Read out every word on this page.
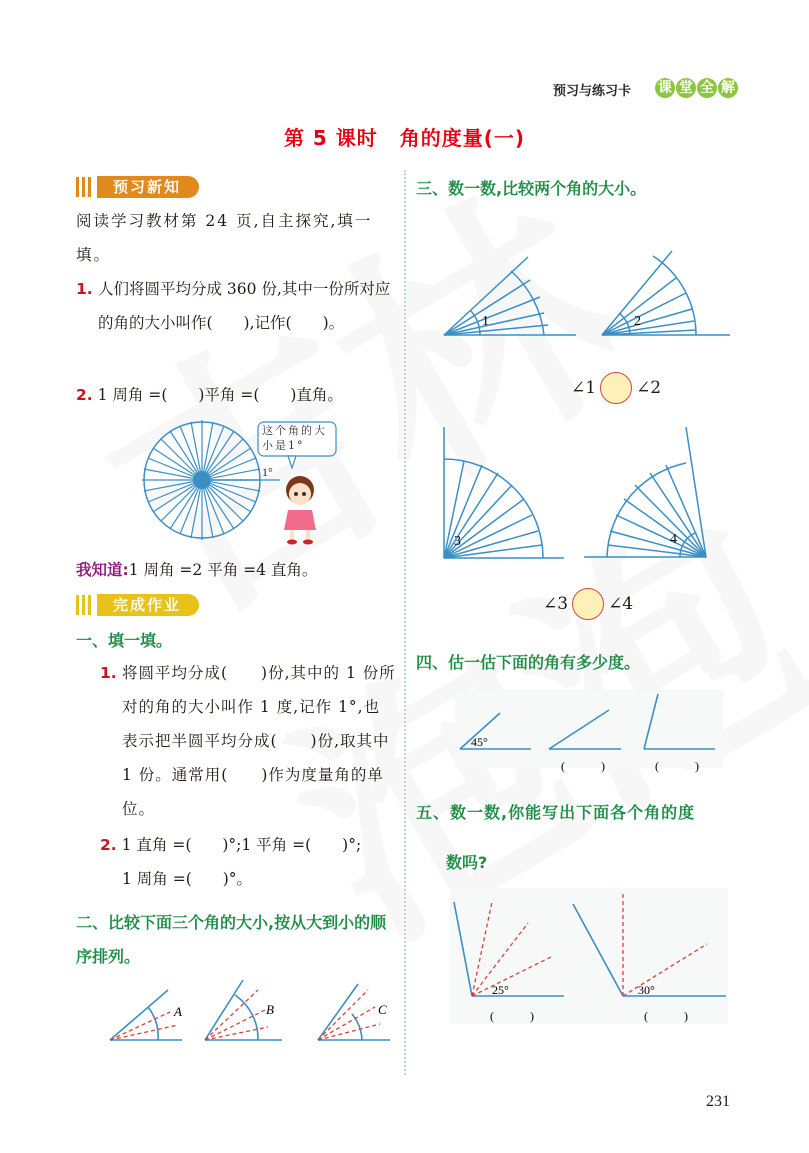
预习与练习卡 课 堂 全 解
第 5 课时 角的度量(一)
预习新知
阅读学习教材第 24 页,自主探究,填一填。
1. 人们将圆平均分成 360 份,其中一份所对应的角的大小叫作(　　),记作(　　)。
2. 1 周角 =(　　)平角 =(　　)直角。
1°
这个角的大小是1°
我知道:1 周角 =2 平角 =4 直角。
完成作业
一、填一填。
1. 将圆平均分成(　　)份,其中的 1 份所对的角的大小叫作 1 度,记作 1°,也表示把半圆平均分成(　　)份,取其中 1 份。通常用(　　)作为度量角的单位。
2. 1 直角 =(　　)°;1 平角 =(　　)°;
1 周角 =(　　)°。
二、比较下面三个角的大小,按从大到小的顺序排列。
A	B	C
三、数一数,比较两个角的大小。
1	2
∠1 ∠2
3	4
∠3 ∠4
四、估一估下面的角有多少度。
45°
(　　　)	(　　　)
五、数一数,你能写出下面各个角的度
数吗?
25°	30°
(　　　)	(　　　)
231
